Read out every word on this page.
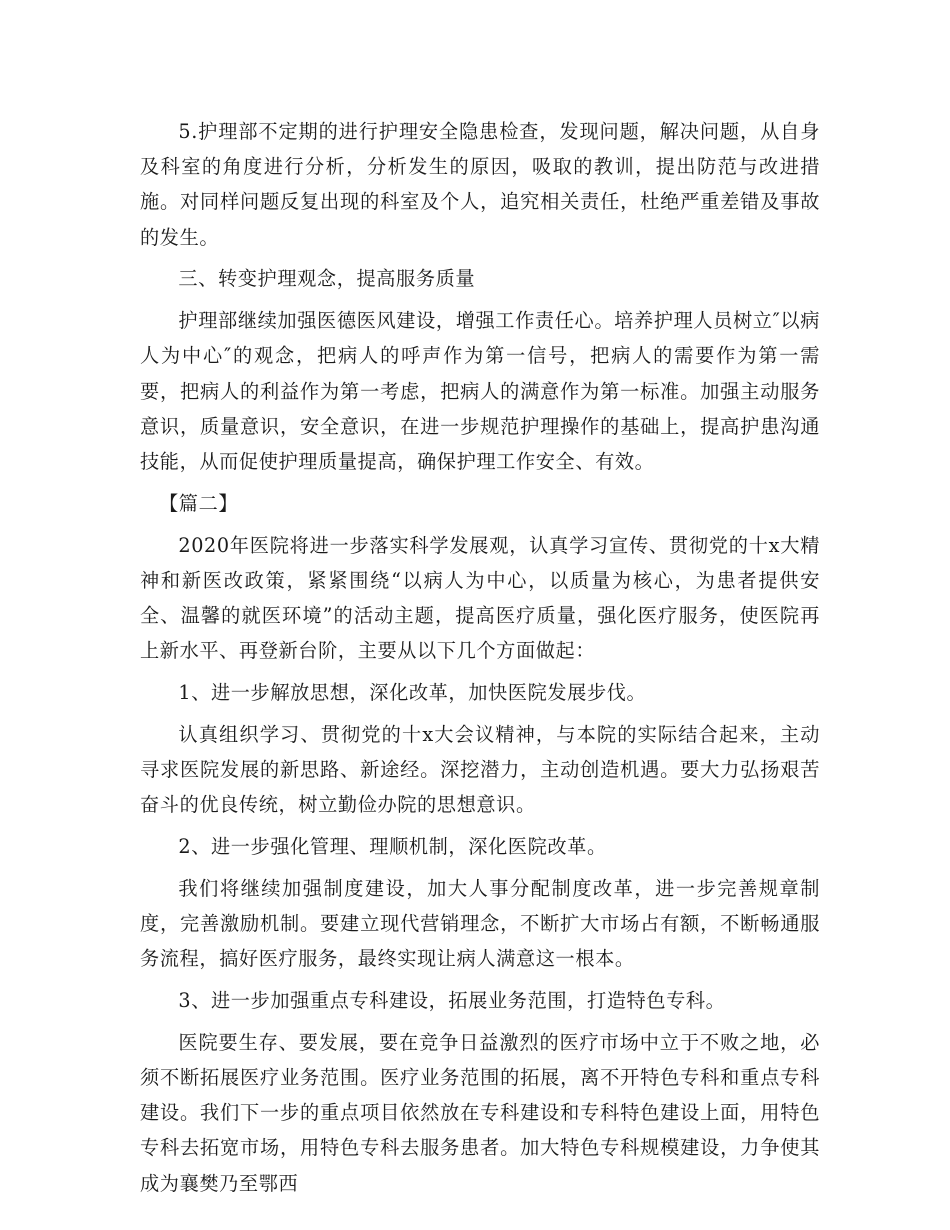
5.护理部不定期的进行护理安全隐患检查，发现问题，解决问题，从自身及科室的角度进行分析，分析发生的原因，吸取的教训，提出防范与改进措施。对同样问题反复出现的科室及个人，追究相关责任，杜绝严重差错及事故的发生。

三、转变护理观念，提高服务质量

护理部继续加强医德医风建设，增强工作责任心。培养护理人员树立″以病人为中心″的观念，把病人的呼声作为第一信号，把病人的需要作为第一需要，把病人的利益作为第一考虑，把病人的满意作为第一标准。加强主动服务意识，质量意识，安全意识，在进一步规范护理操作的基础上，提高护患沟通技能，从而促使护理质量提高，确保护理工作安全、有效。

【篇二】

2020年医院将进一步落实科学发展观，认真学习宣传、贯彻党的十x大精神和新医改政策，紧紧围绕“以病人为中心，以质量为核心，为患者提供安全、温馨的就医环境”的活动主题，提高医疗质量，强化医疗服务，使医院再上新水平、再登新台阶，主要从以下几个方面做起：

1、进一步解放思想，深化改革，加快医院发展步伐。

认真组织学习、贯彻党的十x大会议精神，与本院的实际结合起来，主动寻求医院发展的新思路、新途经。深挖潜力，主动创造机遇。要大力弘扬艰苦奋斗的优良传统，树立勤俭办院的思想意识。

2、进一步强化管理、理顺机制，深化医院改革。

我们将继续加强制度建设，加大人事分配制度改革，进一步完善规章制度，完善激励机制。要建立现代营销理念，不断扩大市场占有额，不断畅通服务流程，搞好医疗服务，最终实现让病人满意这一根本。

3、进一步加强重点专科建设，拓展业务范围，打造特色专科。

医院要生存、要发展，要在竞争日益激烈的医疗市场中立于不败之地，必须不断拓展医疗业务范围。医疗业务范围的拓展，离不开特色专科和重点专科建设。我们下一步的重点项目依然放在专科建设和专科特色建设上面，用特色专科去拓宽市场，用特色专科去服务患者。加大特色专科规模建设，力争使其成为襄樊乃至鄂西
